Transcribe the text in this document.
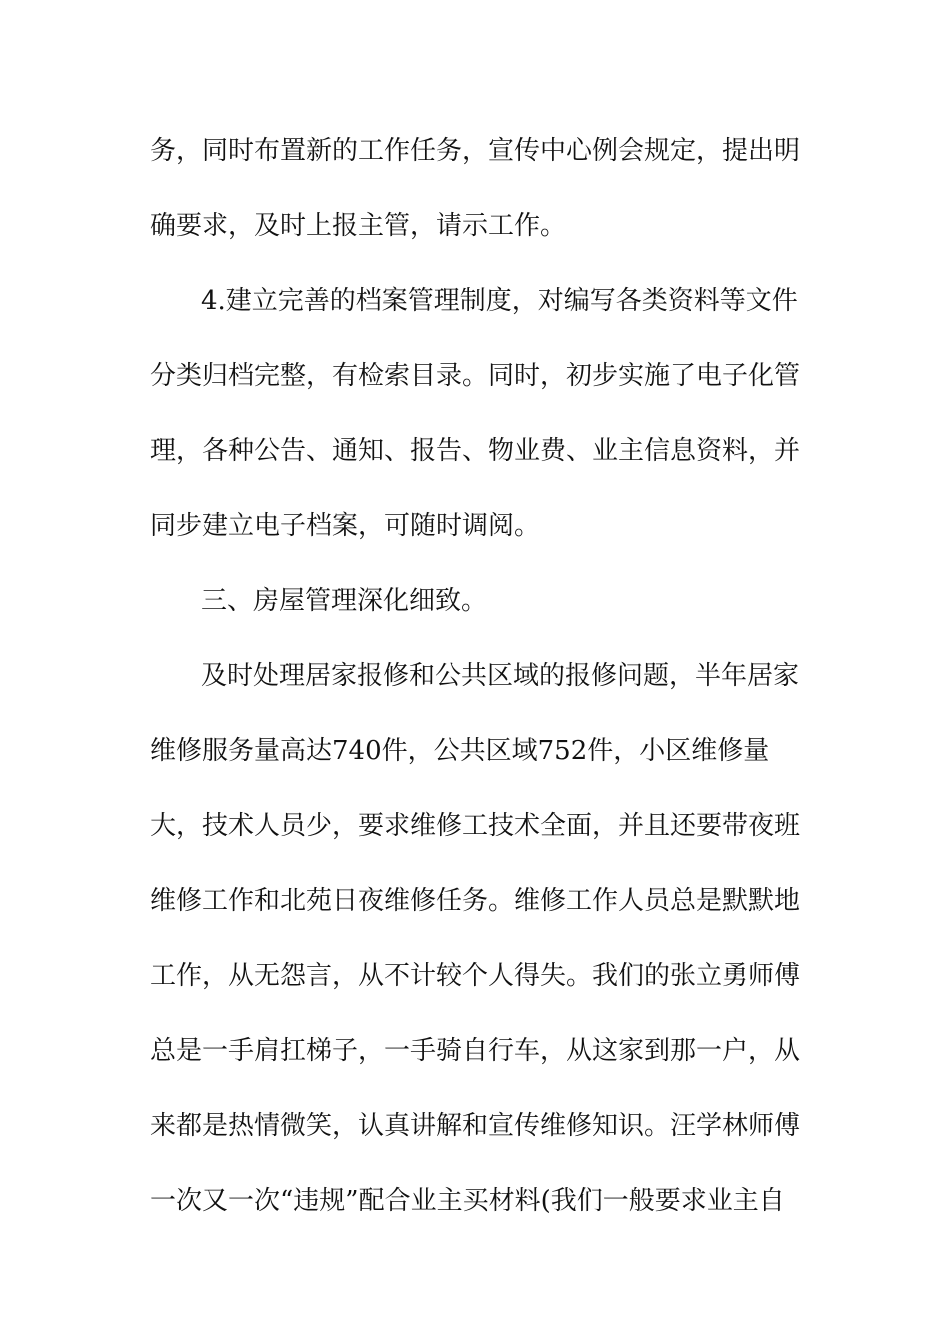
务，同时布置新的工作任务，宣传中心例会规定，提出明
确要求，及时上报主管，请示工作。
4.建立完善的档案管理制度，对编写各类资料等文件
分类归档完整，有检索目录。同时，初步实施了电子化管
理，各种公告、通知、报告、物业费、业主信息资料，并
同步建立电子档案，可随时调阅。
三、房屋管理深化细致。
及时处理居家报修和公共区域的报修问题，半年居家
维修服务量高达740件，公共区域752件，小区维修量
大，技术人员少，要求维修工技术全面，并且还要带夜班
维修工作和北苑日夜维修任务。维修工作人员总是默默地
工作，从无怨言，从不计较个人得失。我们的张立勇师傅
总是一手肩扛梯子，一手骑自行车，从这家到那一户，从
来都是热情微笑，认真讲解和宣传维修知识。汪学林师傅
一次又一次“违规”配合业主买材料(我们一般要求业主自
